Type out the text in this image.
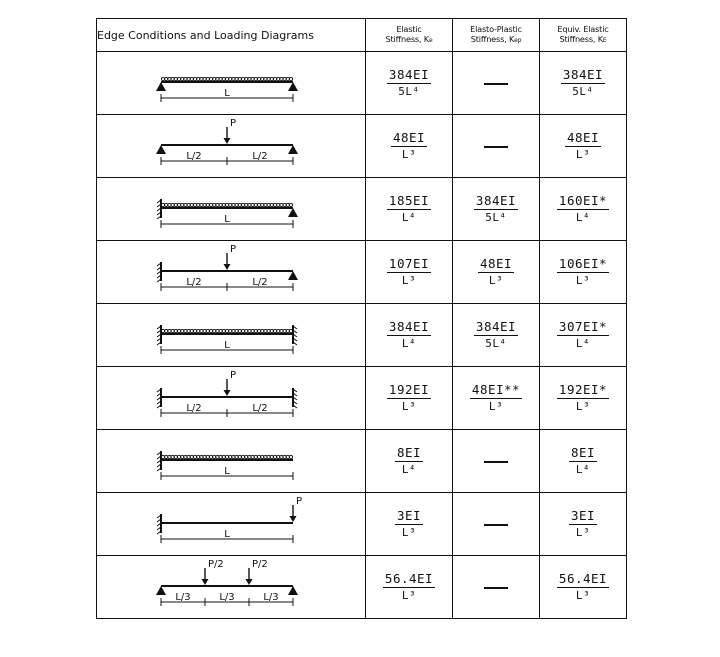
Edge Conditions and Loading Diagrams	Elastic
Stiffness, Ke	Elasto-Plastic
Stiffness, Kep	Equiv. Elastic
Stiffness, KE

L	$\frac{384EI}{\text{5L⁴}}$		$\frac{384EI}{\text{5L⁴}}$

P
L/2 L/2	$\frac{48EI}{\text{L³}}$		$\frac{48EI}{\text{L³}}$

L	$\frac{185EI}{\text{L⁴}}$	$\frac{384EI}{\text{5L⁴}}$	$\frac{160EI*}{\text{L⁴}}$

P
L/2 L/2	$\frac{107EI}{\text{L³}}$	$\frac{48EI}{\text{L³}}$	$\frac{106EI*}{\text{L³}}$

L	$\frac{384EI}{\text{L⁴}}$	$\frac{384EI}{\text{5L⁴}}$	$\frac{307EI*}{\text{L⁴}}$

P
L/2 L/2	$\frac{192EI}{\text{L³}}$	$\frac{48EI**}{\text{L³}}$	$\frac{192EI*}{\text{L³}}$

L	$\frac{8EI}{\text{L⁴}}$		$\frac{8EI}{\text{L⁴}}$

P
L	$\frac{3EI}{\text{L³}}$		$\frac{3EI}{\text{L³}}$

P/2 P/2
L/3 L/3 L/3	$\frac{56.4EI}{\text{L³}}$		$\frac{56.4EI}{\text{L³}}$
